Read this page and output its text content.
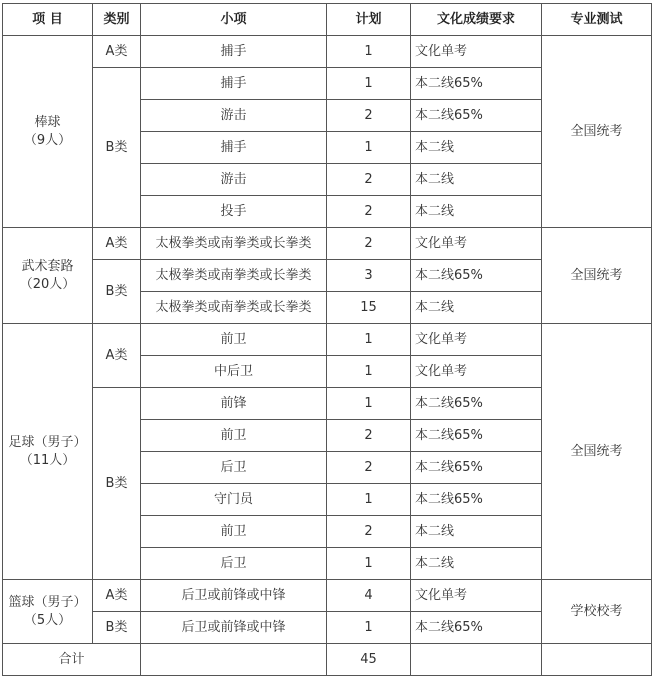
项 目	类别	小项	计划	文化成绩要求	专业测试
棒球
（9人）	A类	捕手	1	文化单考	全国统考
	B类	捕手	1	本二线65%	
		游击	2	本二线65%	
		捕手	1	本二线	
		游击	2	本二线	
		投手	2	本二线	
武术套路
（20人）	A类	太极拳类或南拳类或长拳类	2	文化单考	全国统考
	B类	太极拳类或南拳类或长拳类	3	本二线65%	
		太极拳类或南拳类或长拳类	15	本二线	
足球（男子）
（11人）	A类	前卫	1	文化单考	全国统考
		中后卫	1	文化单考	
	B类	前锋	1	本二线65%	
		前卫	2	本二线65%	
		后卫	2	本二线65%	
		守门员	1	本二线65%	
		前卫	2	本二线	
		后卫	1	本二线	
篮球（男子）
（5人）	A类	后卫或前锋或中锋	4	文化单考	学校校考
	B类	后卫或前锋或中锋	1	本二线65%	
合计			45		
